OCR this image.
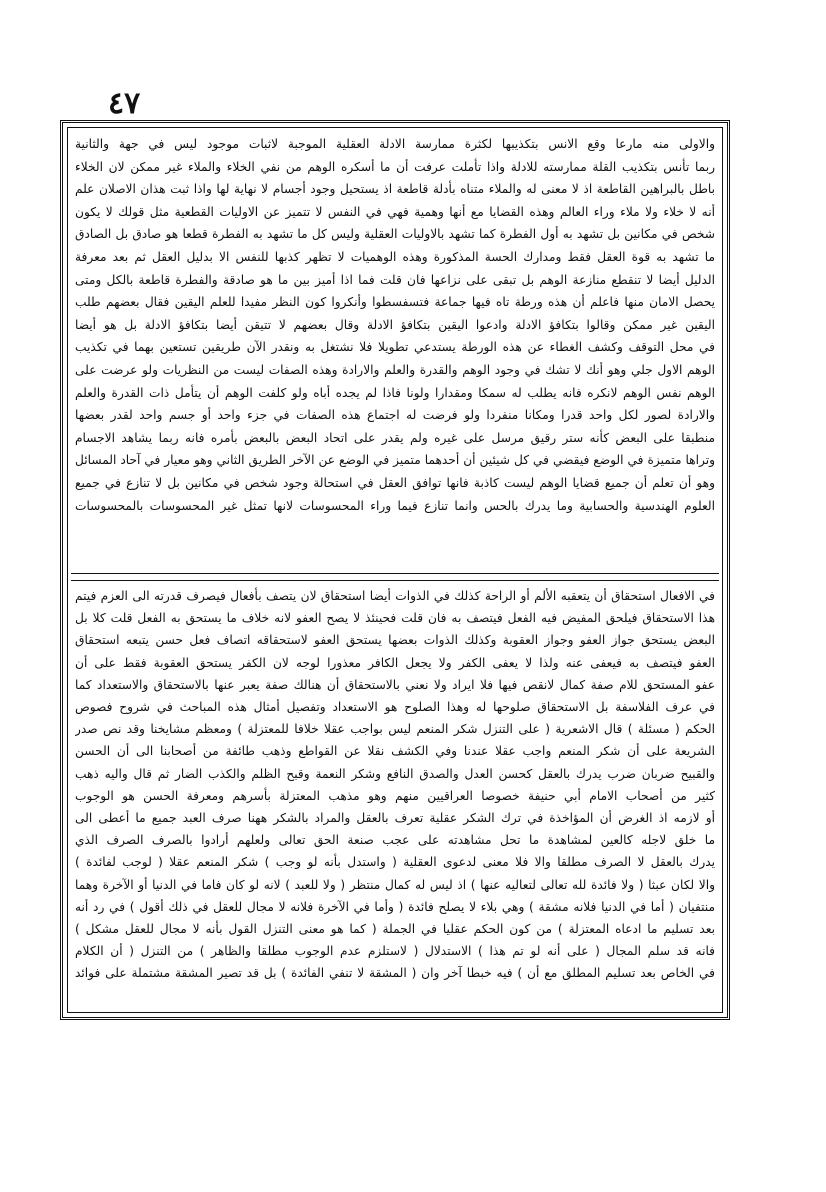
٤٧
والاولى منه مارعا وقع الانس بتكذيبها لكثرة ممارسة الادلة العقلية الموجبة لاثبات موجود ليس في جهة والثانية
ربما تأنس بتكذيب القلة ممارسته للادلة واذا تأملت عرفت أن ما أسكره الوهم من نفي الخلاء والملاء غير ممكن لان الخلاء
باطل بالبراهين القاطعة اذ لا معنى له والملاء متناه بأدلة قاطعة اذ يستحيل وجود أجسام لا نهاية لها واذا ثبت هذان الاصلان علم
أنه لا خلاء ولا ملاء وراء العالم وهذه القضايا مع أنها وهمية فهي في النفس لا تتميز عن الاوليات القطعية مثل قولك لا يكون
شخص في مكانين بل تشهد به أول الفطرة كما تشهد بالاوليات العقلية وليس كل ما تشهد به الفطرة قطعا هو صادق بل الصادق
ما تشهد به قوة العقل فقط ومدارك الحسة المذكورة وهذه الوهميات لا تظهر كذبها للنفس الا بدليل العقل ثم بعد معرفة
الدليل أيضا لا تنقطع منازعة الوهم بل تبقى على نزاعها فان قلت فما اذا أميز بين ما هو صادقة والفطرة قاطعة بالكل ومتى
يحصل الامان منها فاعلم أن هذه ورطة تاه فيها جماعة فتسفسطوا وأنكروا كون النظر مفيدا للعلم اليقين فقال بعضهم طلب
اليقين غير ممكن وقالوا بتكافؤ الادلة وادعوا اليقين بتكافؤ الادلة وقال بعضهم لا تتيقن أيضا بتكافؤ الادلة بل هو أيضا
في محل التوقف وكشف الغطاء عن هذه الورطة يستدعي تطويلا فلا نشتغل به ونقدر الآن طريقين تستعين بهما في تكذيب
الوهم الاول جلي وهو أنك لا تشك في وجود الوهم والقدرة والعلم والارادة وهذه الصفات ليست من النظريات ولو عرضت على
الوهم نفس الوهم لانكره فانه يطلب له سمكا ومقدارا ولونا فاذا لم يجده أباه ولو كلفت الوهم أن يتأمل ذات القدرة والعلم
والارادة لصور لكل واحد قدرا ومكانا منفردا ولو فرضت له اجتماع هذه الصفات في جزء واحد أو جسم واحد لقدر بعضها
منطبقا على البعض كأنه ستر رقيق مرسل على غيره ولم يقدر على اتحاد البعض بالبعض بأمره فانه ربما يشاهد الاجسام
وتراها متميزة في الوضع فيقضي في كل شيئين أن أحدهما متميز في الوضع عن الآخر الطريق الثاني وهو معيار في آحاد المسائل
وهو أن تعلم أن جميع قضايا الوهم ليست كاذبة فانها توافق العقل في استحالة وجود شخص في مكانين بل لا تنازع في جميع
العلوم الهندسية والحسابية وما يدرك بالحس وانما تنازع فيما وراء المحسوسات لانها تمثل غير المحسوسات بالمحسوسات
في الافعال استحقاق أن يتعقبه الألم أو الراحة كذلك في الذوات أيضا استحقاق لان يتصف بأفعال فيصرف قدرته الى العزم فيتم
هذا الاستحقاق فيلحق المفيض فيه الفعل فيتصف به فان قلت فحينئذ لا يصح العفو لانه خلاف ما يستحق به الفعل قلت كلا بل
البعض يستحق جواز العفو وجواز العقوبة وكذلك الذوات بعضها يستحق العفو لاستحقاقه اتصاف فعل حسن يتبعه استحقاق
العفو فيتصف به فيعفى عنه ولذا لا يعفى الكفر ولا يجعل الكافر معذورا لوجه لان الكفر يستحق العقوبة فقط على أن
عفو المستحق للام صفة كمال لانقص فيها فلا ايراد ولا نعني بالاستحقاق أن هنالك صفة يعبر عنها بالاستحقاق والاستعداد كما
في عرف الفلاسفة بل الاستحقاق صلوحها له وهذا الصلوح هو الاستعداد وتفصيل أمثال هذه المباحث في شروح فصوص
الحكم ( مسئلة ) قال الاشعرية ( على التنزل شكر المنعم ليس بواجب عقلا خلافا للمعتزلة ) ومعظم مشايخنا وقد نص صدر
الشريعة على أن شكر المنعم واجب عقلا عندنا وفي الكشف نقلا عن القواطع وذهب طائفة من أصحابنا الى أن الحسن
والقبيح ضربان ضرب يدرك بالعقل كحسن العدل والصدق النافع وشكر النعمة وقبح الظلم والكذب الضار ثم قال واليه ذهب
كثير من أصحاب الامام أبي حنيفة خصوصا العراقيين منهم وهو مذهب المعتزلة بأسرهم ومعرفة الحسن هو الوجوب
أو لازمه اذ الغرض أن المؤاخذة في ترك الشكر عقلية تعرف بالعقل والمراد بالشكر ههنا صرف العبد جميع ما أعطى الى
ما خلق لاجله كالعين لمشاهدة ما تحل مشاهدته على عجب صنعة الحق تعالى ولعلهم أرادوا بالصرف الصرف الذي
يدرك بالعقل لا الصرف مطلقا والا فلا معنى لدعوى العقلية ( واستدل بأنه لو وجب ) شكر المنعم عقلا ( لوجب لفائدة )
والا لكان عبثا ( ولا فائدة لله تعالى لتعاليه عنها ) اذ ليس له كمال منتظر ( ولا للعبد ) لانه لو كان فاما في الدنيا أو الآخرة وهما
منتفيان ( أما في الدنيا فلانه مشقة ) وهي بلاء لا يصلح فائدة ( وأما في الآخرة فلانه لا مجال للعقل في ذلك أقول ) في رد أنه
بعد تسليم ما ادعاه المعتزلة ) من كون الحكم عقليا في الجملة ( كما هو معنى التنزل القول بأنه لا مجال للعقل مشكل )
فانه قد سلم المجال ( على أنه لو تم هذا ) الاستدلال ( لاستلزم عدم الوجوب مطلقا والظاهر ) من التنزل ( أن الكلام
في الخاص بعد تسليم المطلق مع أن ) فيه خبطا آخر وان ( المشقة لا تنفي الفائدة ) بل قد تصير المشقة مشتملة على فوائد
